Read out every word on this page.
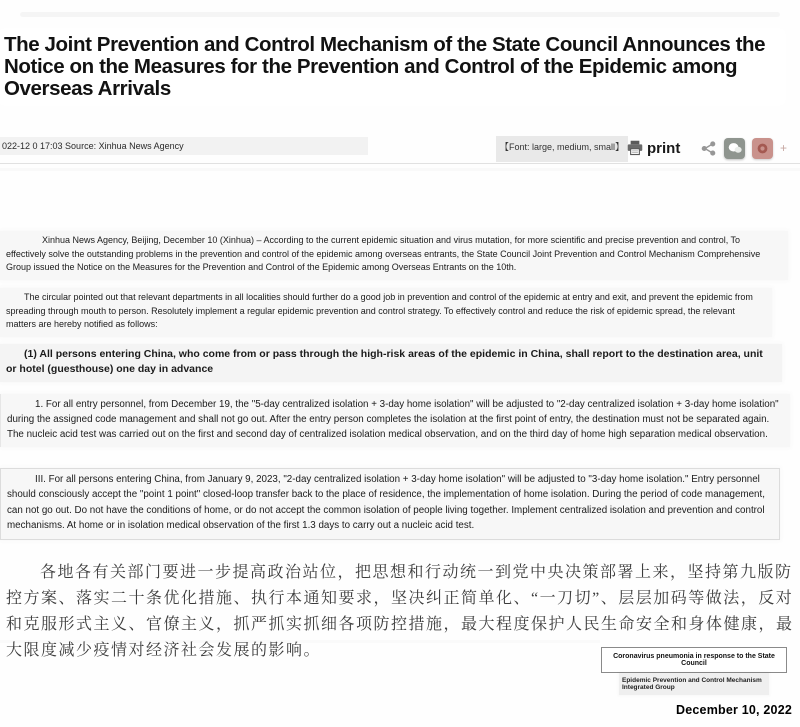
The Joint Prevention and Control Mechanism of the State Council Announces the Notice on the Measures for the Prevention and Control of the Epidemic among Overseas Arrivals
022-12 0 17:03 Source: Xinhua News Agency	【Font: large, medium, small】 print	+

Xinhua News Agency, Beijing, December 10 (Xinhua) – According to the current epidemic situation and virus mutation, for more scientific and precise prevention and control, To effectively solve the outstanding problems in the prevention and control of the epidemic among overseas entrants, the State Council Joint Prevention and Control Mechanism Comprehensive Group issued the Notice on the Measures for the Prevention and Control of the Epidemic among Overseas Entrants on the 10th.

The circular pointed out that relevant departments in all localities should further do a good job in prevention and control of the epidemic at entry and exit, and prevent the epidemic from spreading through mouth to person. Resolutely implement a regular epidemic prevention and control strategy. To effectively control and reduce the risk of epidemic spread, the relevant matters are hereby notified as follows:

(1) All persons entering China, who come from or pass through the high-risk areas of the epidemic in China, shall report to the destination area, unit or hotel (guesthouse) one day in advance

1. For all entry personnel, from December 19, the "5-day centralized isolation + 3-day home isolation" will be adjusted to "2-day centralized isolation + 3-day home isolation" during the assigned code management and shall not go out. After the entry person completes the isolation at the first point of entry, the destination must not be separated again. The nucleic acid test was carried out on the first and second day of centralized isolation medical observation, and on the third day of home high separation medical observation.

III. For all persons entering China, from January 9, 2023, "2-day centralized isolation + 3-day home isolation" will be adjusted to "3-day home isolation." Entry personnel should consciously accept the "point 1 point" closed-loop transfer back to the place of residence, the implementation of home isolation. During the period of code management, can not go out. Do not have the conditions of home, or do not accept the common isolation of people living together. Implement centralized isolation and prevention and control mechanisms. At home or in isolation medical observation of the first 1.3 days to carry out a nucleic acid test.

各地各有关部门要进一步提高政治站位，把思想和行动统一到党中央决策部署上来，坚持第九版防控方案、落实二十条优化措施、执行本通知要求，坚决纠正简单化、“一刀切”、层层加码等做法，反对和克服形式主义、官僚主义，抓严抓实抓细各项防控措施，最大程度保护人民生命安全和身体健康，最大限度减少疫情对经济社会发展的影响。	Coronavirus pneumonia in response to the State Council
Epidemic Prevention and Control Mechanism Integrated Group
December 10, 2022
